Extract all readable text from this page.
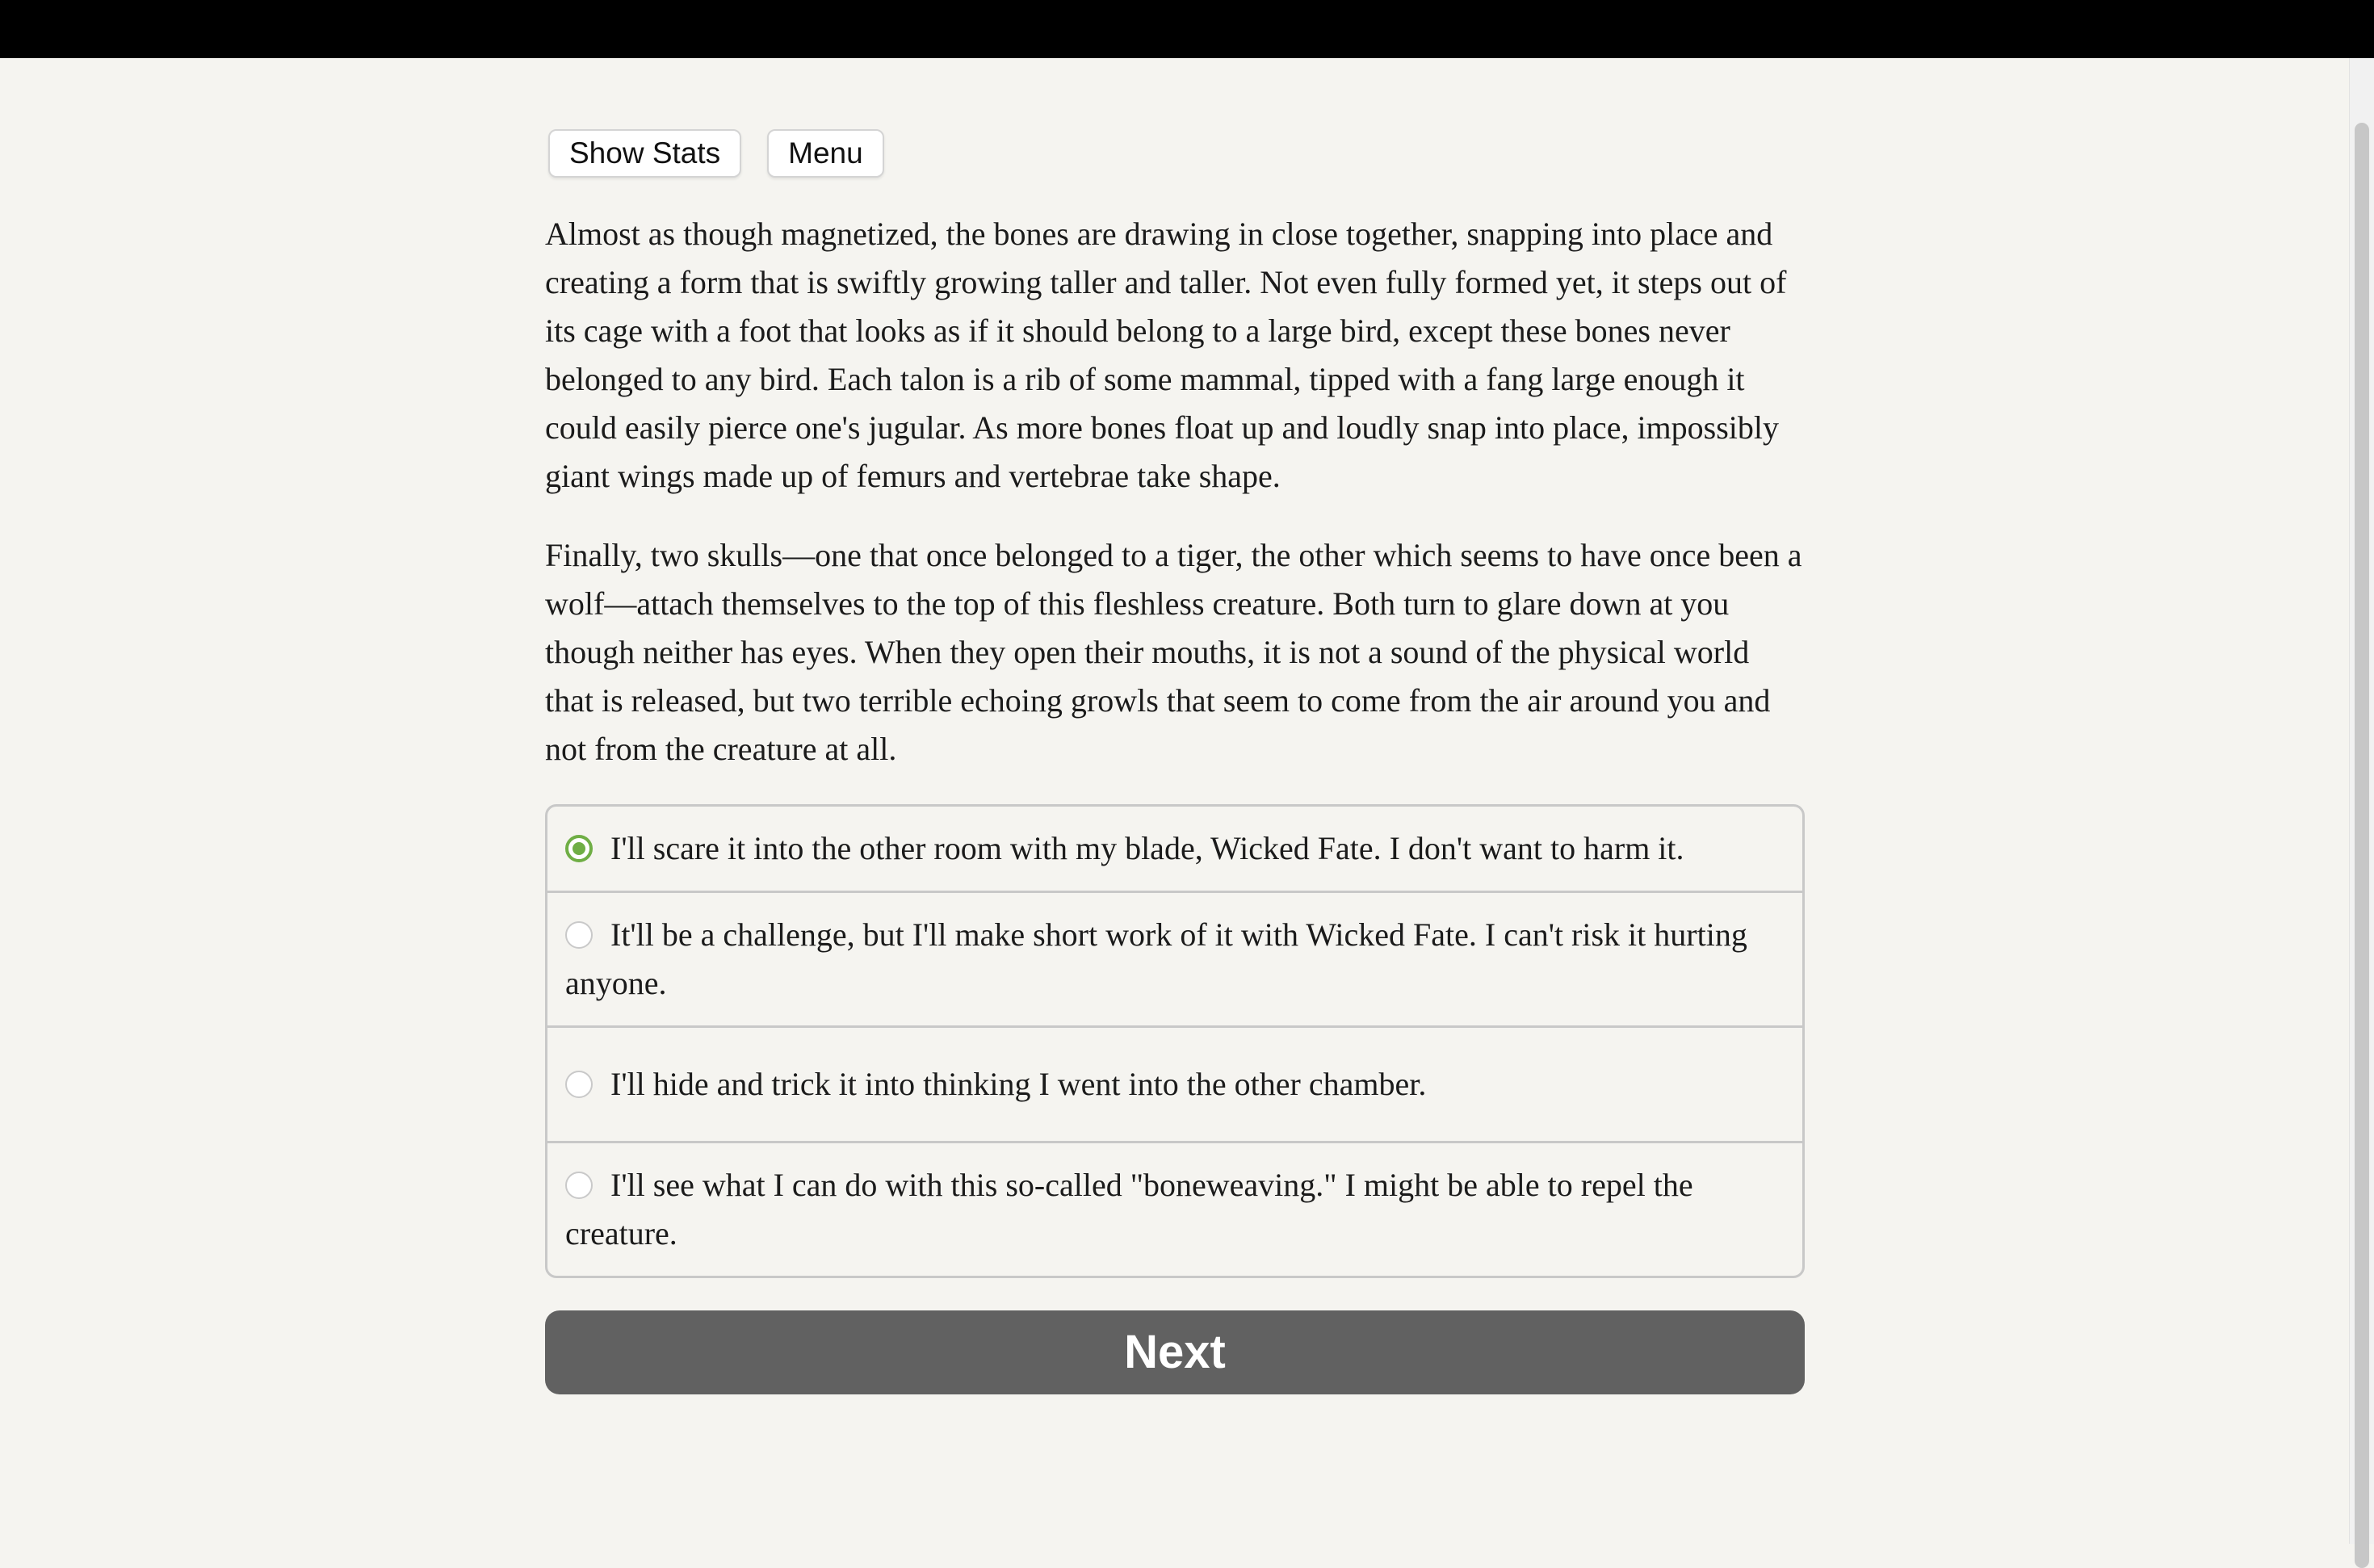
Show Stats	Menu

Almost as though magnetized, the bones are drawing in close together, snapping into place and creating a form that is swiftly growing taller and taller. Not even fully formed yet, it steps out of its cage with a foot that looks as if it should belong to a large bird, except these bones never belonged to any bird. Each talon is a rib of some mammal, tipped with a fang large enough it could easily pierce one's jugular. As more bones float up and loudly snap into place, impossibly giant wings made up of femurs and vertebrae take shape.

Finally, two skulls—one that once belonged to a tiger, the other which seems to have once been a wolf—attach themselves to the top of this fleshless creature. Both turn to glare down at you though neither has eyes. When they open their mouths, it is not a sound of the physical world that is released, but two terrible echoing growls that seem to come from the air around you and not from the creature at all.

I'll scare it into the other room with my blade, Wicked Fate. I don't want to harm it.
It'll be a challenge, but I'll make short work of it with Wicked Fate. I can't risk it hurting anyone.
I'll hide and trick it into thinking I went into the other chamber.
I'll see what I can do with this so-called "boneweaving." I might be able to repel the creature.
Next
